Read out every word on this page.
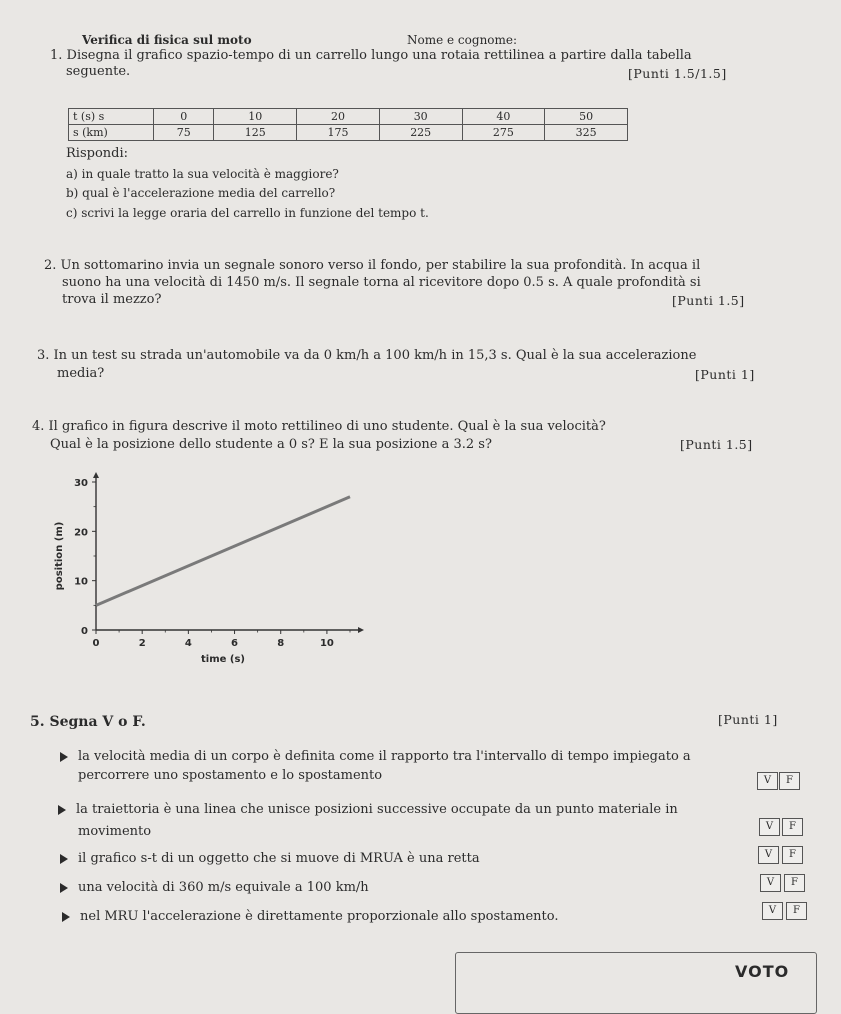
Verifica di fisica sul moto	Nome e cognome:
1. Disegna il grafico spazio-tempo di un carrello lungo una rotaia rettilinea a partire dalla tabella
seguente.	[Punti 1.5/1.5]
t (s) s	0	10	20	30	40	50
s (km)	75	125	175	225	275	325
Rispondi:
a) in quale tratto la sua velocità è maggiore?
b) qual è l'accelerazione media del carrello?
c) scrivi la legge oraria del carrello in funzione del tempo t.
2. Un sottomarino invia un segnale sonoro verso il fondo, per stabilire la sua profondità. In acqua il
suono ha una velocità di 1450 m/s. Il segnale torna al ricevitore dopo 0.5 s. A quale profondità si
trova il mezzo?	[Punti 1.5]
3. In un test su strada un'automobile va da 0 km/h a 100 km/h in 15,3 s. Qual è la sua accelerazione
media?	[Punti 1]
4. Il grafico in figura descrive il moto rettilineo di uno studente. Qual è la sua velocità?
Qual è la posizione dello studente a 0 s? E la sua posizione a 3.2 s?	[Punti 1.5]
time (s)
position (m)
0	2	4	6	8	10
0
10
20
30
5. Segna V o F.	[Punti 1]
la velocità media di un corpo è definita come il rapporto tra l'intervallo di tempo impiegato a
percorrere uno spostamento e lo spostamento	V	F
la traiettoria è una linea che unisce posizioni successive occupate da un punto materiale in
movimento	V	F
il grafico s-t di un oggetto che si muove di MRUA è una retta	V	F
una velocità di 360 m/s equivale a 100 km/h	V	F
nel MRU l'accelerazione è direttamente proporzionale allo spostamento.	V	F
VOTO
